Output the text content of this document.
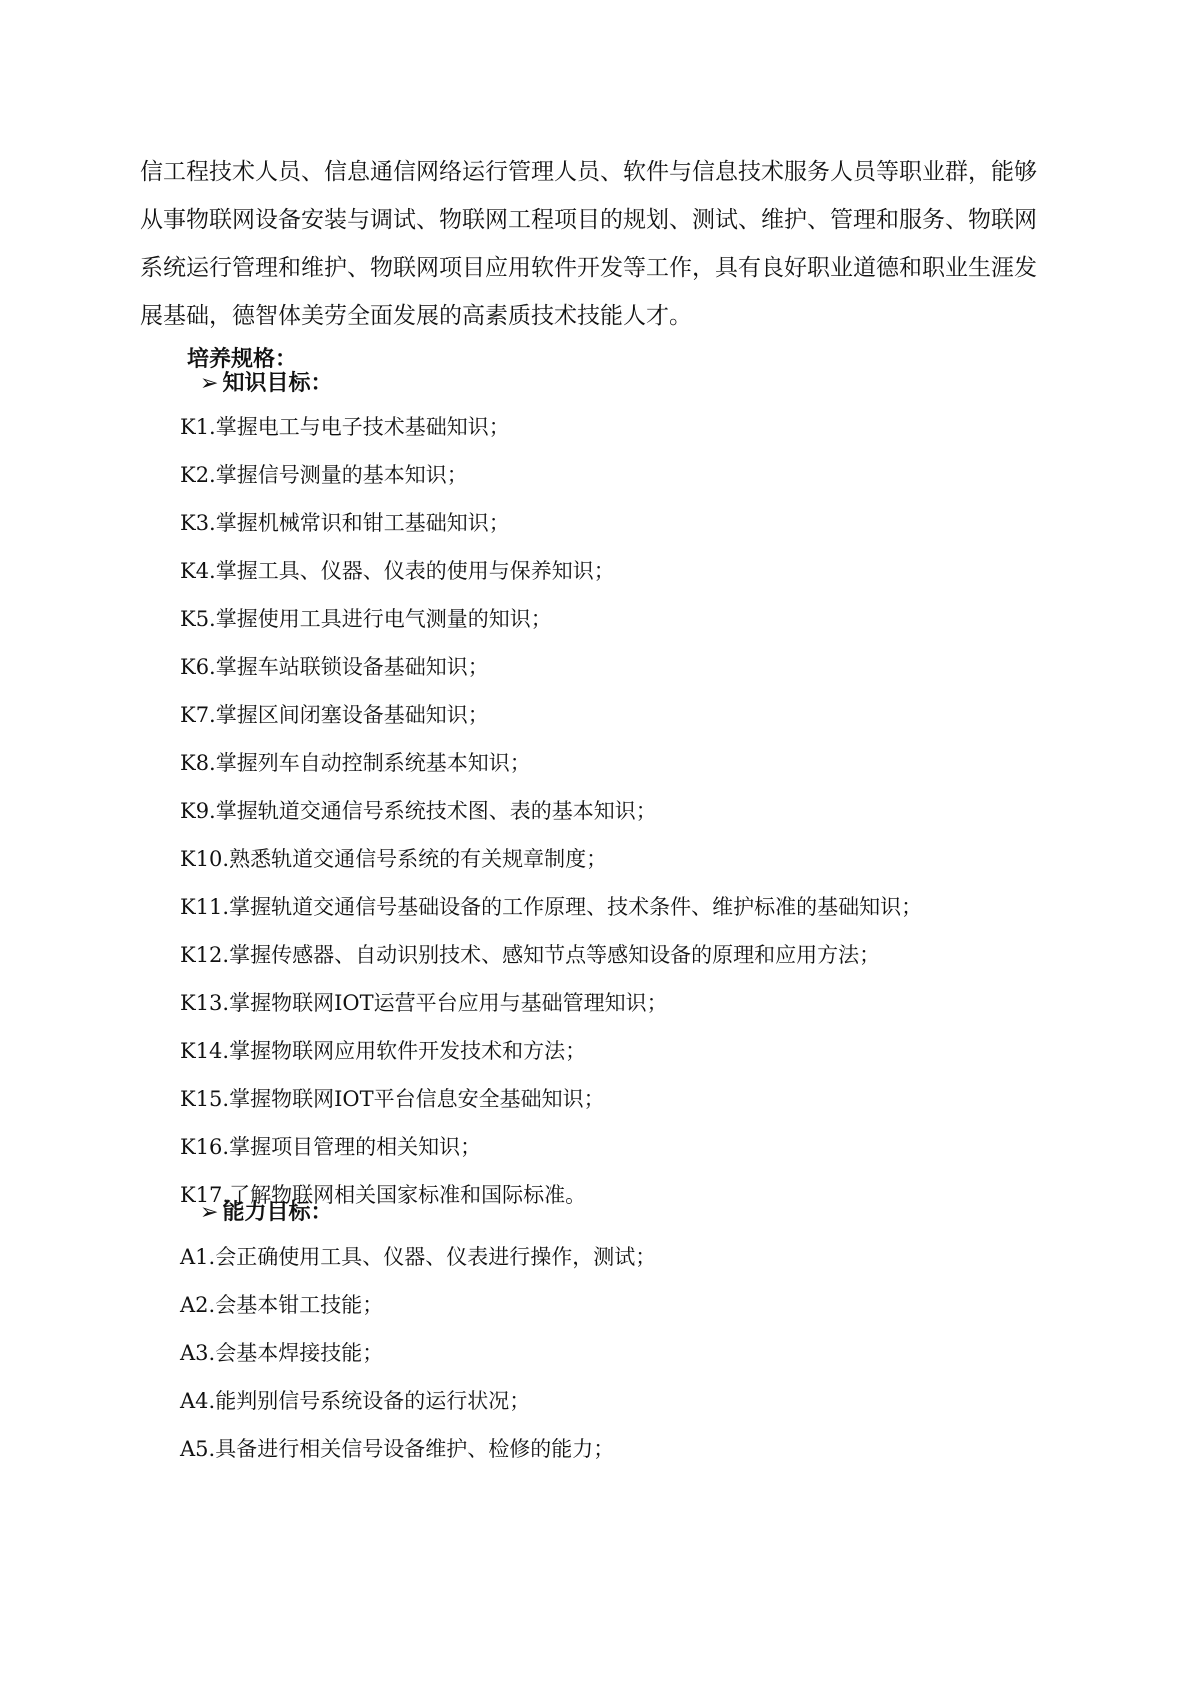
信工程技术人员、信息通信网络运行管理人员、软件与信息技术服务人员等职业群，能够
从事物联网设备安装与调试、物联网工程项目的规划、测试、维护、管理和服务、物联网
系统运行管理和维护、物联网项目应用软件开发等工作，具有良好职业道德和职业生涯发
展基础，德智体美劳全面发展的高素质技术技能人才。
培养规格：
➢ 知识目标：
K1.掌握电工与电子技术基础知识；
K2.掌握信号测量的基本知识；
K3.掌握机械常识和钳工基础知识；
K4.掌握工具、仪器、仪表的使用与保养知识；
K5.掌握使用工具进行电气测量的知识；
K6.掌握车站联锁设备基础知识；
K7.掌握区间闭塞设备基础知识；
K8.掌握列车自动控制系统基本知识；
K9.掌握轨道交通信号系统技术图、表的基本知识；
K10.熟悉轨道交通信号系统的有关规章制度；
K11.掌握轨道交通信号基础设备的工作原理、技术条件、维护标准的基础知识；
K12.掌握传感器、自动识别技术、感知节点等感知设备的原理和应用方法；
K13.掌握物联网IOT运营平台应用与基础管理知识；
K14.掌握物联网应用软件开发技术和方法；
K15.掌握物联网IOT平台信息安全基础知识；
K16.掌握项目管理的相关知识；
K17.了解物联网相关国家标准和国际标准。
➢ 能力目标：
A1.会正确使用工具、仪器、仪表进行操作，测试；
A2.会基本钳工技能；
A3.会基本焊接技能；
A4.能判别信号系统设备的运行状况；
A5.具备进行相关信号设备维护、检修的能力；
